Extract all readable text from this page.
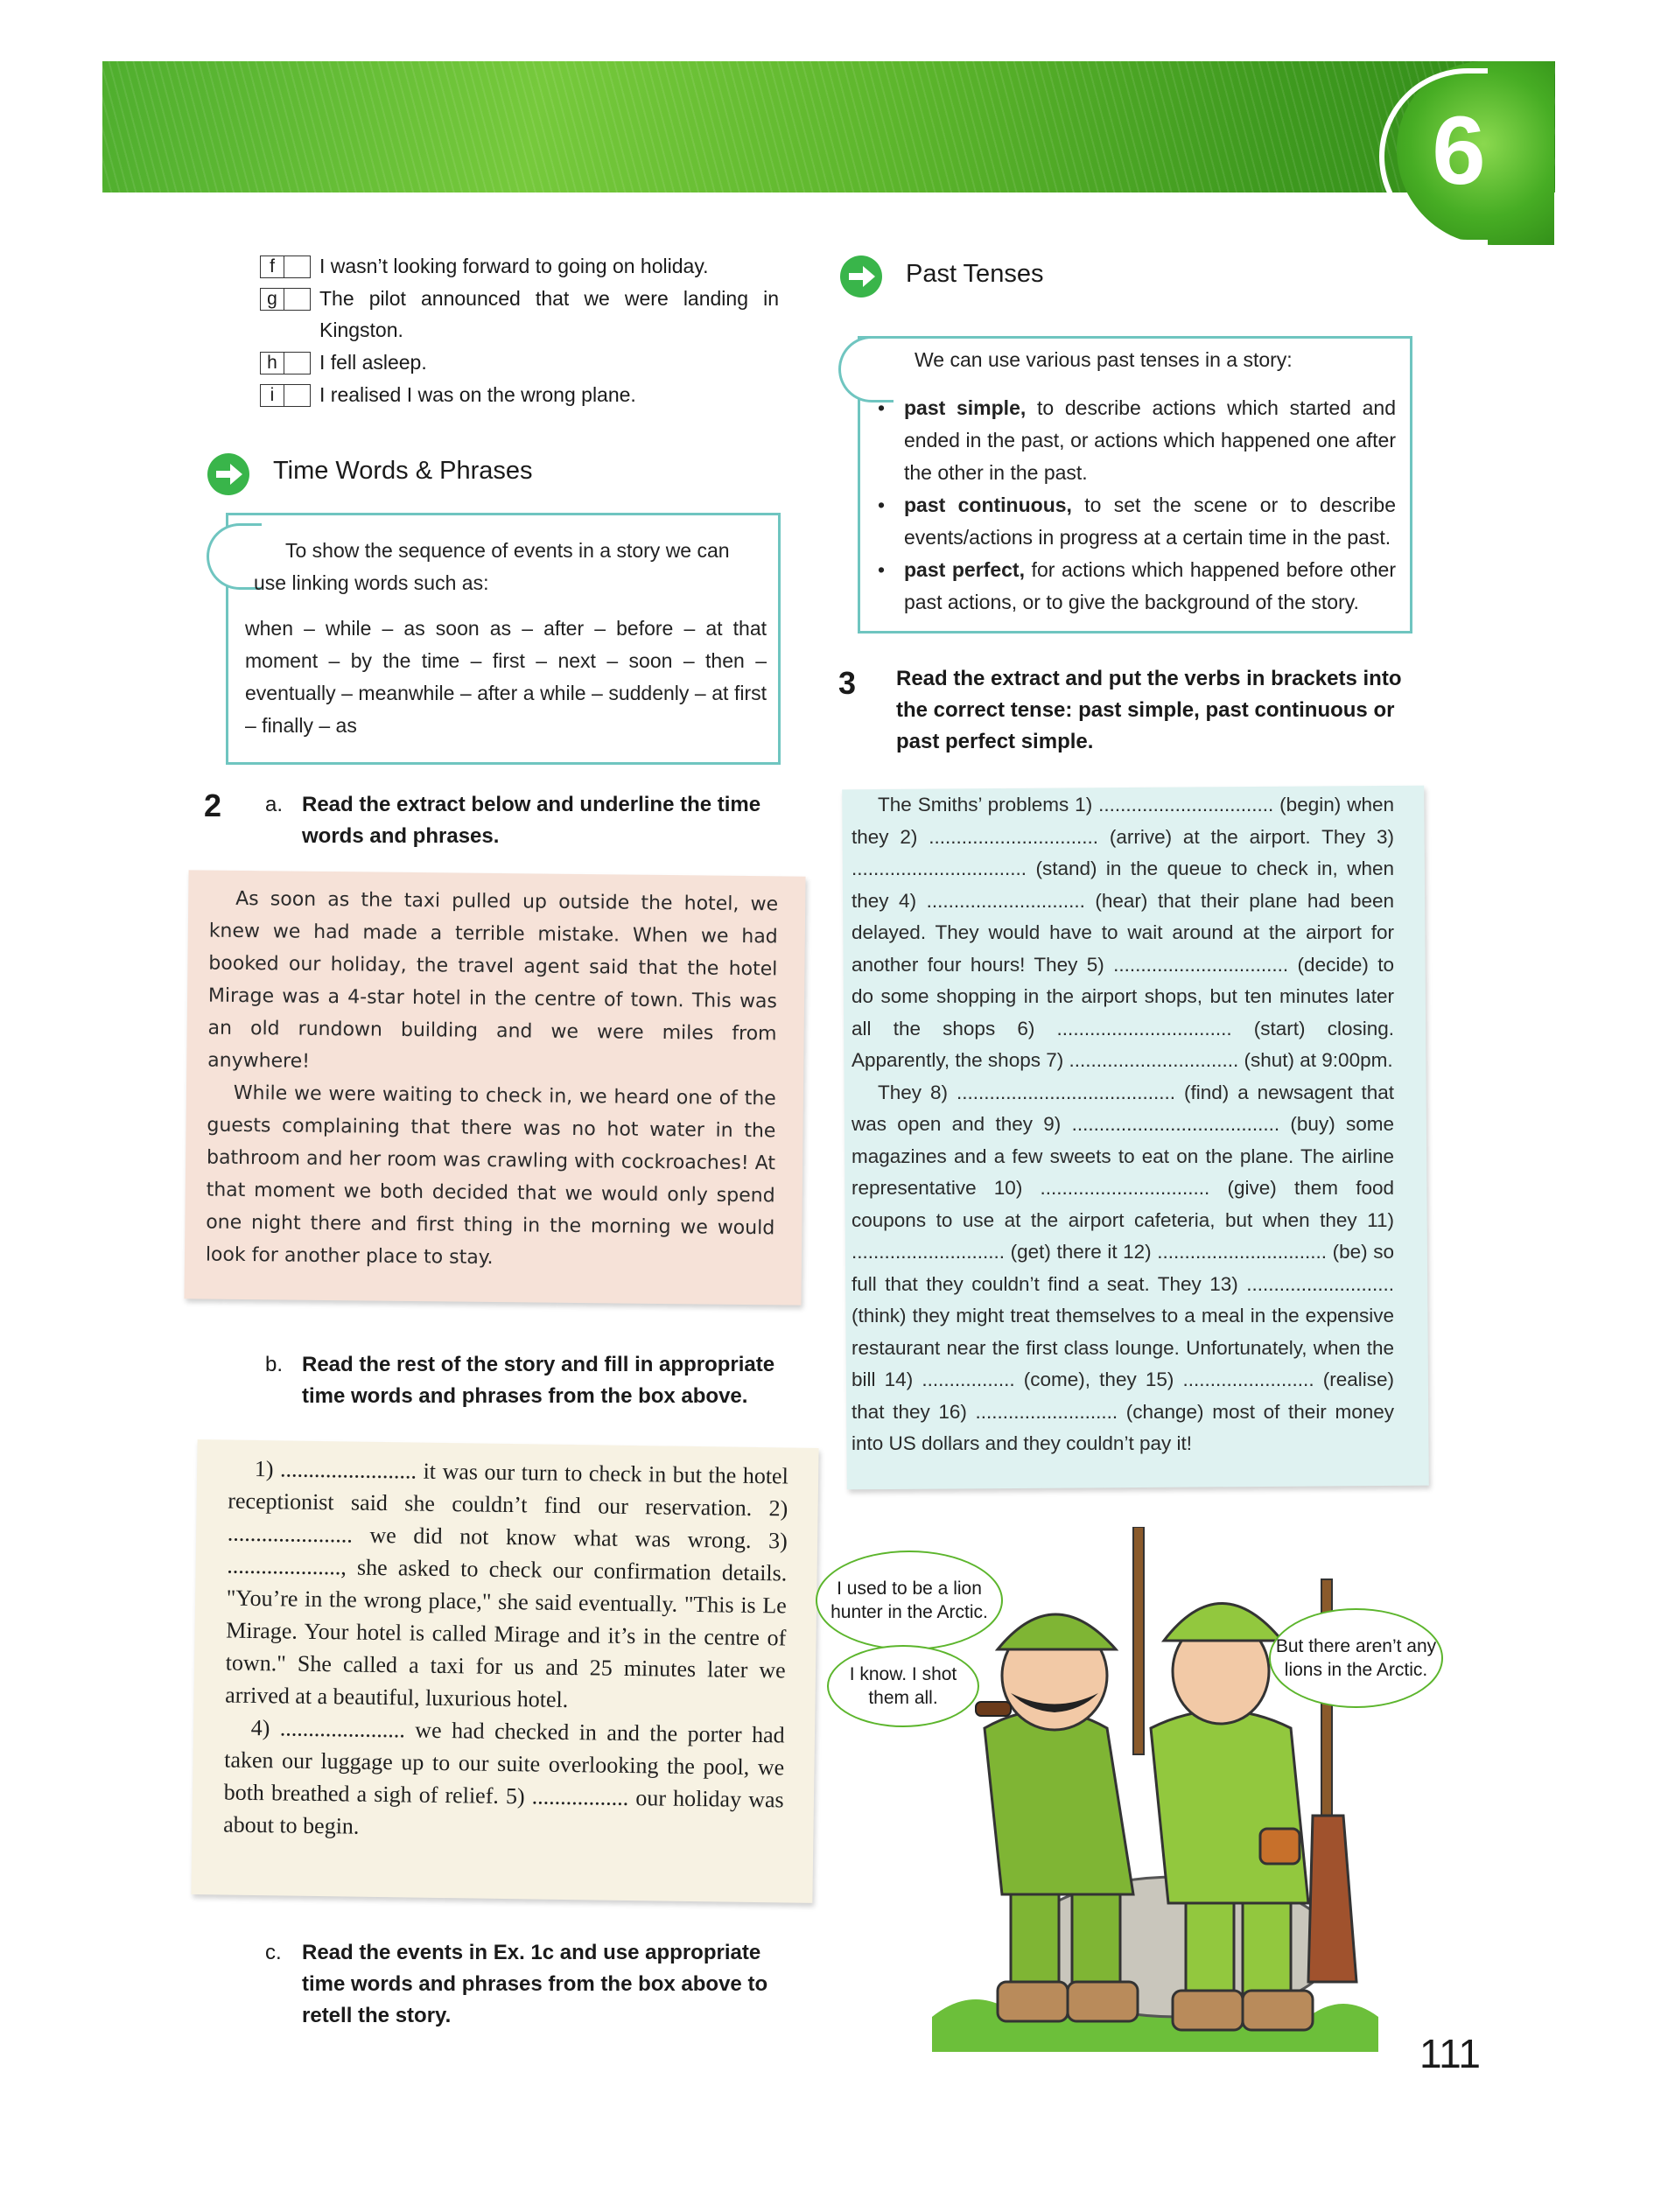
6
f	I wasn’t looking forward to going on holiday.
g	The pilot announced that we were landing in Kingston.
h	I fell asleep.
i	I realised I was on the wrong plane.
Time Words & Phrases
To show the sequence of events in a story we can use linking words such as:
when – while – as soon as – after – before – at that moment – by the time – first – next – soon – then – eventually – meanwhile – after a while – suddenly – at first – finally – as
Past Tenses
We can use various past tenses in a story:
• past simple, to describe actions which started and ended in the past, or actions which happened one after the other in the past.
• past continuous, to set the scene or to describe events/actions in progress at a certain time in the past.
• past perfect, for actions which happened before other past actions, or to give the background of the story.
3 Read the extract and put the verbs in brackets into the correct tense: past simple, past continuous or past perfect simple.

The Smiths’ problems 1) ................................ (begin) when they 2) ............................... (arrive) at the airport. They 3) ................................ (stand) in the queue to check in, when they 4) ............................. (hear) that their plane had been delayed. They would have to wait around at the airport for another four hours! They 5) ................................ (decide) to do some shopping in the airport shops, but ten minutes later all the shops 6) ................................ (start) closing. Apparently, the shops 7) ............................... (shut) at 9:00pm.

They 8) ........................................ (find) a newsagent that was open and they 9) ...................................... (buy) some magazines and a few sweets to eat on the plane. The airline representative 10) ............................... (give) them food coupons to use at the airport cafeteria, but when they 11) ............................ (get) there it 12) ............................... (be) so full that they couldn’t find a seat. They 13) ........................... (think) they might treat themselves to a meal in the expensive restaurant near the first class lounge. Unfortunately, when the bill 14) ................. (come), they 15) ........................ (realise) that they 16) .......................... (change) most of their money into US dollars and they couldn’t pay it!

2 a. Read the extract below and underline the time words and phrases.

As soon as the taxi pulled up outside the hotel, we knew we had made a terrible mistake. When we had booked our holiday, the travel agent said that the hotel Mirage was a 4-star hotel in the centre of town. This was an old rundown building and we were miles from anywhere!

While we were waiting to check in, we heard one of the guests complaining that there was no hot water in the bathroom and her room was crawling with cockroaches! At that moment we both decided that we would only spend one night there and first thing in the morning we would look for another place to stay.

b. Read the rest of the story and fill in appropriate time words and phrases from the box above.

1) ........................ it was our turn to check in but the hotel receptionist said she couldn’t find our reservation. 2) ...................... we did not know what was wrong. 3) ...................., she asked to check our confirmation details. "You’re in the wrong place," she said eventually. "This is Le Mirage. Your hotel is called Mirage and it’s in the centre of town." She called a taxi for us and 25 minutes later we arrived at a beautiful, luxurious hotel.

4) ...................... we had checked in and the porter had taken our luggage up to our suite overlooking the pool, we both breathed a sigh of relief. 5) ................. our holiday was about to begin.

c. Read the events in Ex. 1c and use appropriate time words and phrases from the box above to retell the story.
I used to be a lion hunter in the Arctic.
I know. I shot them all.
But there aren’t any lions in the Arctic.
111
